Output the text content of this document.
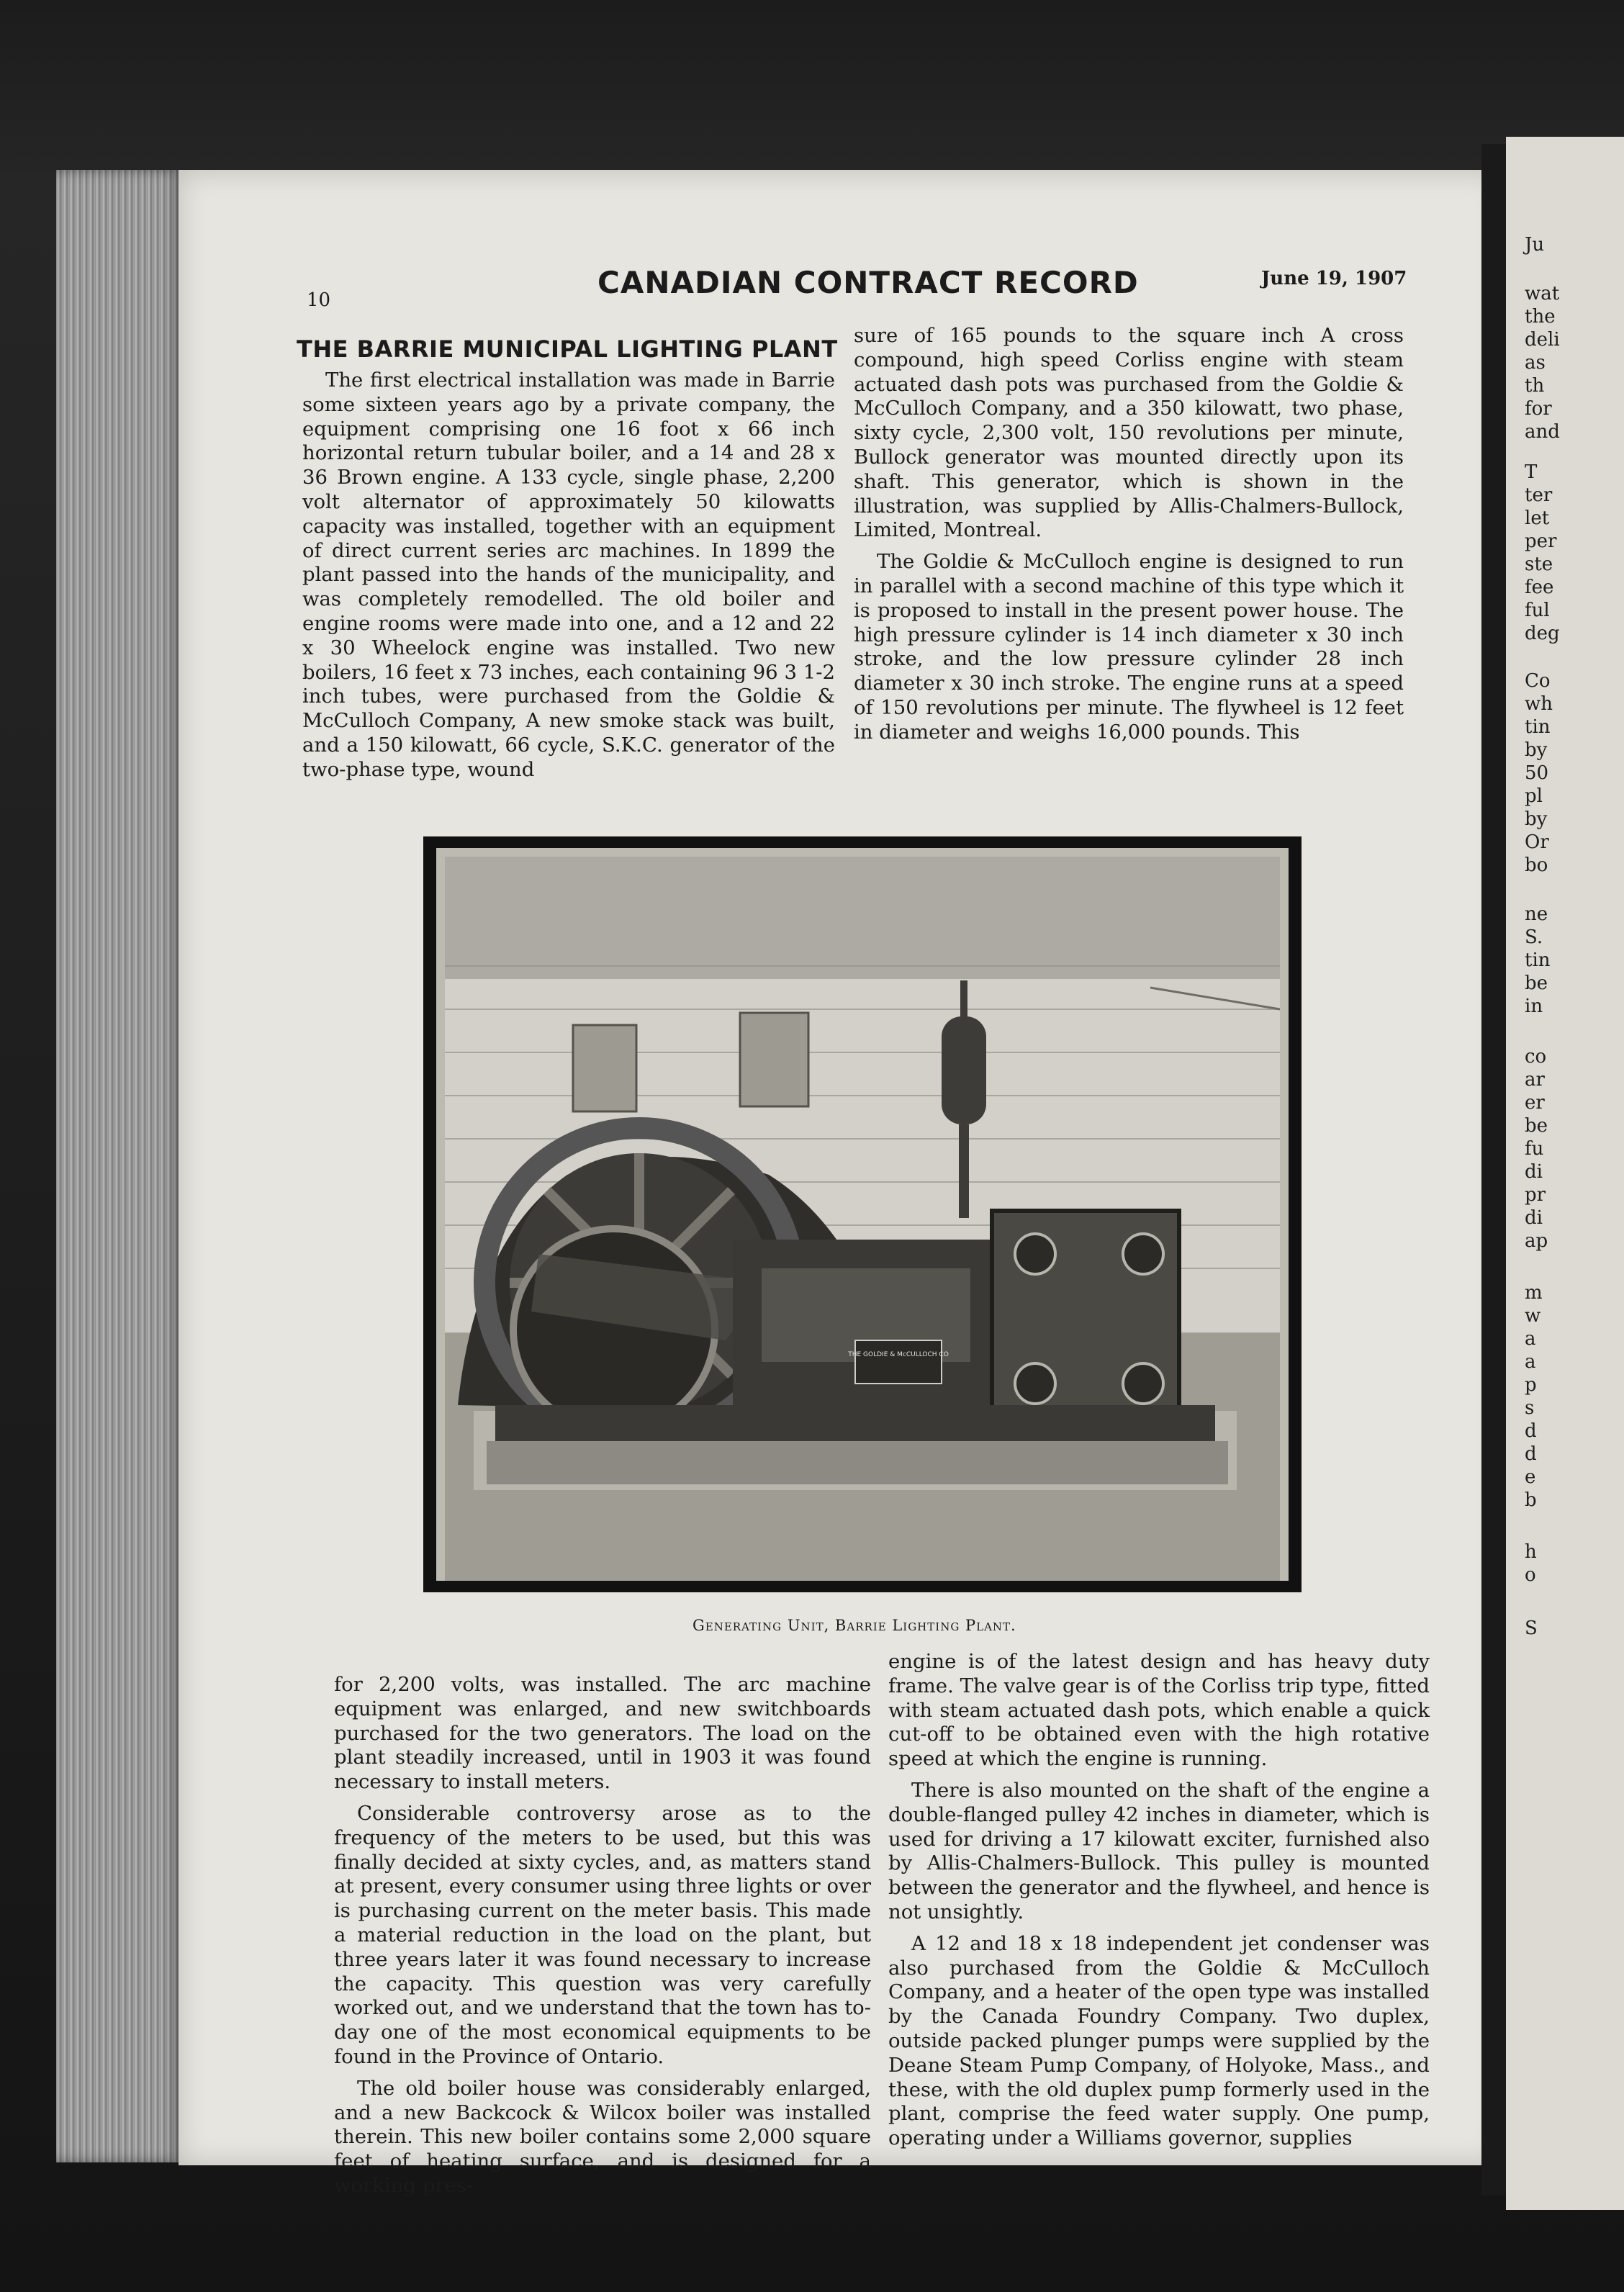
Ju
wat
the
deli
as
th
for
and
T
ter
let
per
ste
fee
ful
deg
Co
wh
tin
by
50
pl
by
Or
bo
ne
S.
tin
be
in
co
ar
er
be
fu
di
pr
di
ap
m
w
a
a
p
s
d
d
e
b
h
o
S
10	CANADIAN CONTRACT RECORD	June 19, 1907
THE BARRIE MUNICIPAL LIGHTING PLANT

The first electrical installation was made in Barrie some sixteen years ago by a private company, the equipment comprising one 16 foot x 66 inch horizontal return tubular boiler, and a 14 and 28 x 36 Brown engine. A 133 cycle, single phase, 2,200 volt alternator of approximately 50 kilowatts capacity was installed, together with an equipment of direct current series arc machines. In 1899 the plant passed into the hands of the municipality, and was completely remodelled. The old boiler and engine rooms were made into one, and a 12 and 22 x 30 Wheelock engine was installed. Two new boilers, 16 feet x 73 inches, each containing 96 3 1-2 inch tubes, were purchased from the Goldie & McCulloch Company, A new smoke stack was built, and a 150 kilowatt, 66 cycle, S.K.C. generator of the two-phase type, wound

sure of 165 pounds to the square inch A cross compound, high speed Corliss engine with steam actuated dash pots was purchased from the Goldie & McCulloch Company, and a 350 kilowatt, two phase, sixty cycle, 2,300 volt, 150 revolutions per minute, Bullock generator was mounted directly upon its shaft. This generator, which is shown in the illustration, was supplied by Allis-Chalmers-Bullock, Limited, Montreal.

The Goldie & McCulloch engine is designed to run in parallel with a second machine of this type which it is proposed to install in the present power house. The high pressure cylinder is 14 inch diameter x 30 inch stroke, and the low pressure cylinder 28 inch diameter x 30 inch stroke. The engine runs at a speed of 150 revolutions per minute. The flywheel is 12 feet in diameter and weighs 16,000 pounds. This

THE GOLDIE & McCULLOCH CO
Generating Unit, Barrie Lighting Plant.

for 2,200 volts, was installed. The arc machine equipment was enlarged, and new switchboards purchased for the two generators. The load on the plant steadily increased, until in 1903 it was found necessary to install meters.

Considerable controversy arose as to the frequency of the meters to be used, but this was finally decided at sixty cycles, and, as matters stand at present, every consumer using three lights or over is purchasing current on the meter basis. This made a material reduction in the load on the plant, but three years later it was found necessary to increase the capacity. This question was very carefully worked out, and we understand that the town has to-day one of the most economical equipments to be found in the Province of Ontario.

The old boiler house was considerably enlarged, and a new Backcock & Wilcox boiler was installed therein. This new boiler contains some 2,000 square feet of heating surface, and is designed for a working pres-

engine is of the latest design and has heavy duty frame. The valve gear is of the Corliss trip type, fitted with steam actuated dash pots, which enable a quick cut-off to be obtained even with the high rotative speed at which the engine is running.

There is also mounted on the shaft of the engine a double-flanged pulley 42 inches in diameter, which is used for driving a 17 kilowatt exciter, furnished also by Allis-Chalmers-Bullock. This pulley is mounted between the generator and the flywheel, and hence is not unsightly.

A 12 and 18 x 18 independent jet condenser was also purchased from the Goldie & McCulloch Company, and a heater of the open type was installed by the Canada Foundry Company. Two duplex, outside packed plunger pumps were supplied by the Deane Steam Pump Company, of Holyoke, Mass., and these, with the old duplex pump formerly used in the plant, comprise the feed water supply. One pump, operating under a Williams governor, supplies
